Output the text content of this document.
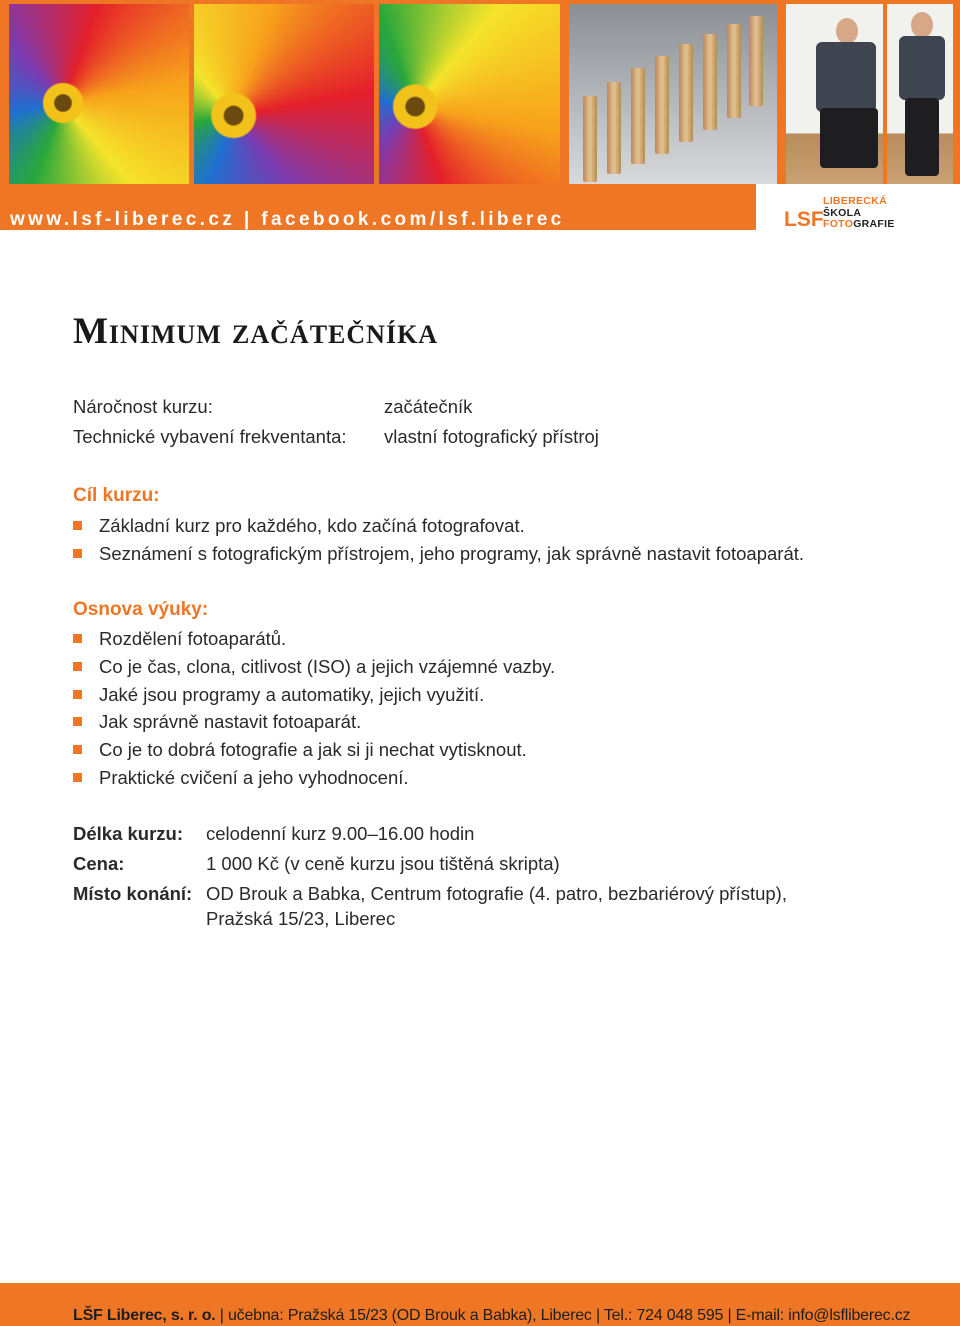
www.lsf-liberec.cz | facebook.com/lsf.liberec	LSF
LIBERECKÁ
ŠKOLA
FOTOGRAFIE
Minimum začátečníka
Náročnost kurzu:	začátečník
Technické vybavení frekventanta: vlastní fotografický přístroj
Cíl kurzu:
Základní kurz pro každého, kdo začíná fotografovat.
Seznámení s fotografickým přístrojem, jeho programy, jak správně nastavit fotoaparát.
Osnova výuky:
Rozdělení fotoaparátů.
Co je čas, clona, citlivost (ISO) a jejich vzájemné vazby.
Jaké jsou programy a automatiky, jejich využití.
Jak správně nastavit fotoaparát.
Co je to dobrá fotografie a jak si ji nechat vytisknout.
Praktické cvičení a jeho vyhodnocení.
Délka kurzu: celodenní kurz 9.00–16.00 hodin
Cena:	1 000 Kč (v ceně kurzu jsou tištěná skripta)
Místo konání: OD Brouk a Babka, Centrum fotografie (4. patro, bezbariérový přístup),
Pražská 15/23, Liberec
LŠF Liberec, s. r. o. | učebna: Pražská 15/23 (OD Brouk a Babka), Liberec | Tel.: 724 048 595 | E-mail: info@lsfliberec.cz
